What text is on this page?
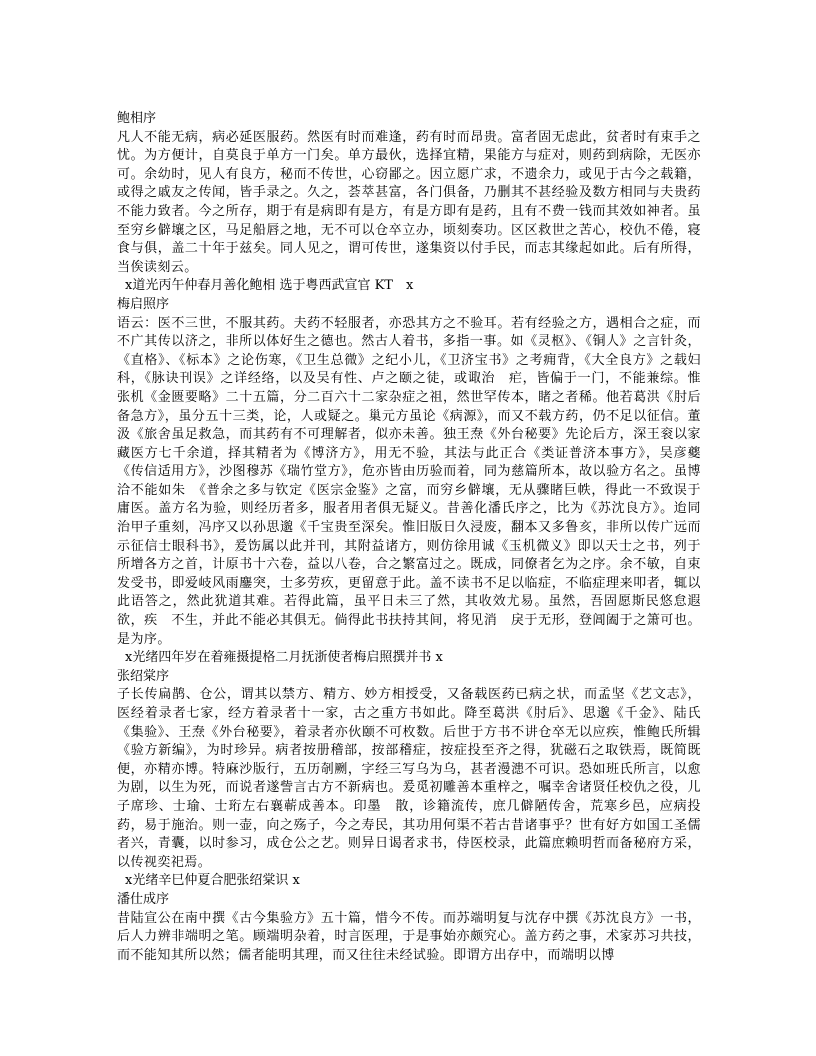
鲍相序
凡人不能无病，病必延医服药。然医有时而难逢，药有时而昂贵。富者固无虑此，贫者时有束手之忧。为方便计，自莫良于单方一门矣。单方最伙，选择宜精，果能方与症对，则药到病除，无医亦可。余幼时，见人有良方，秘而不传世，心窃鄙之。因立愿广求，不遗余力，或见于古今之载籍，或得之戚友之传闻，皆手录之。久之，荟萃甚富，各门俱备，乃删其不甚经验及数方相同与夫贵药不能力致者。今之所存，期于有是病即有是方，有是方即有是药，且有不费一钱而其效如神者。虽至穷乡僻壤之区，马足船唇之地，无不可以仓卒立办，顷刻奏功。区区救世之苦心，校仇不倦，寝食与俱，盖二十年于兹矣。同人见之，谓可传世，遂集资以付手民，而志其缘起如此。后有所得，当俟读刻云。
x道光丙午仲春月善化鲍相 选于粤西武宣官 KT　x
梅启照序
语云：医不三世，不服其药。夫药不轻服者，亦恐其方之不验耳。若有经验之方，遇相合之症，而不广其传以济之，非所以体好生之德也。然古人着书，多指一事。如《灵枢》、《铜人》之言针灸，《直格》、《标本》之论伤寒，《卫生总微》之纪小儿，《卫济宝书》之考痈背，《大全良方》之载妇科，《脉诀刊误》之详经络，以及吴有性、卢之颐之徒，或诹治　疟，皆偏于一门，不能兼综。惟张机《金匮要略》二十五篇，分二百六十二家杂症之祖，然世罕传本，睹之者稀。他若葛洪《肘后备急方》，虽分五十三类，论，人或疑之。巢元方虽论《病源》，而又不载方药，仍不足以征信。董汲《旅舍虽足救急，而其药有不可理解者，似亦未善。独王焘《外台秘要》先论后方，深王衮以家藏医方七千余道，择其精者为《博济方》，用无不验，其法与此正合《类证普济本事方》，吴彦夔《传信适用方》，沙图穆苏《瑞竹堂方》，危亦皆由历验而着，同为慈篇所本，故以验方名之。虽博洽不能如朱　《普余之多与钦定《医宗金鉴》之富，而穷乡僻壤，无从骤睹巨帙，得此一不致误于庸医。盖方名为验，则经历者多，服者用者俱无疑义。昔善化潘氏序之，比为《苏沈良方》。迨同治甲子重刻，冯序又以孙思邈《千宝贵至深矣。惟旧版日久浸废，翻本又多鲁亥，非所以传广远而示征信士眼科书》，爰饬属以此并刊，其附益诸方，则仿徐用诚《玉机微义》即以天士之书，列于所增各方之首，计原书十六卷，益以八卷，合之繁富过之。既成，同僚者乞为之序。余不敏，自束发受书，即爱岐风雨鏖突，士多劳疚，更留意于此。盖不读书不足以临症，不临症理来叩者，辄以此语答之，然此犹道其难。若得此篇，虽平日未三了然，其收效尤易。虽然，吾固愿斯民悠怠遐欲，疾　不生，并此不能必其俱无。倘得此书扶持其间，将见消　戾于无形，登阊阖于之箫可也。是为序。
x光绪四年岁在着雍摄提格二月抚浙使者梅启照撰并书 x
张绍棠序
子长传扁鹊、仓公，谓其以禁方、精方、妙方相授受，又备载医药已病之状，而孟坚《艺文志》，医经着录者七家，经方着录者十一家，古之重方书如此。降至葛洪《肘后》、思邈《千金》、陆氏《集验》、王焘《外台秘要》，着录者亦伙颐不可枚数。后世于方书不讲仓卒无以应疾，惟鲍氏所辑《验方新编》，为时珍异。病者按册稽部，按部稽症，按症投至齐之得，犹磁石之取铁焉，既简既便，亦精亦博。特麻沙版行，五历剞劂，字经三写乌为乌，甚者漫漶不可识。恐如班氏所言，以愈为剧，以生为死，而说者遂訾言古方不新病也。爰觅初雕善本重梓之，嘱幸舍诸贤任校仇之役，儿子席珍、士瑜、士珩左右襄蕲成善本。印墨　散，诊籍流传，庶几僻陋传舍，荒寒乡邑，应病投药，易于施治。则一壶，向之殇子，今之寿民，其功用何渠不若古昔诸事乎？世有好方如国工圣儒者兴，青囊，以时参习，成仓公之艺。则异日谒者求书，侍医校录，此篇庶赖明哲而备秘府方采，以传视奕祀焉。
x光绪辛巳仲夏合肥张绍棠识 x
潘仕成序
昔陆宣公在南中撰《古今集验方》五十篇，惜今不传。而苏端明复与沈存中撰《苏沈良方》一书，后人力辨非端明之笔。顾端明杂着，时言医理，于是事始亦颇究心。盖方药之事，术家苏习共技，而不能知其所以然；儒者能明其理，而又往往未经试验。即谓方出存中，而端明以博
